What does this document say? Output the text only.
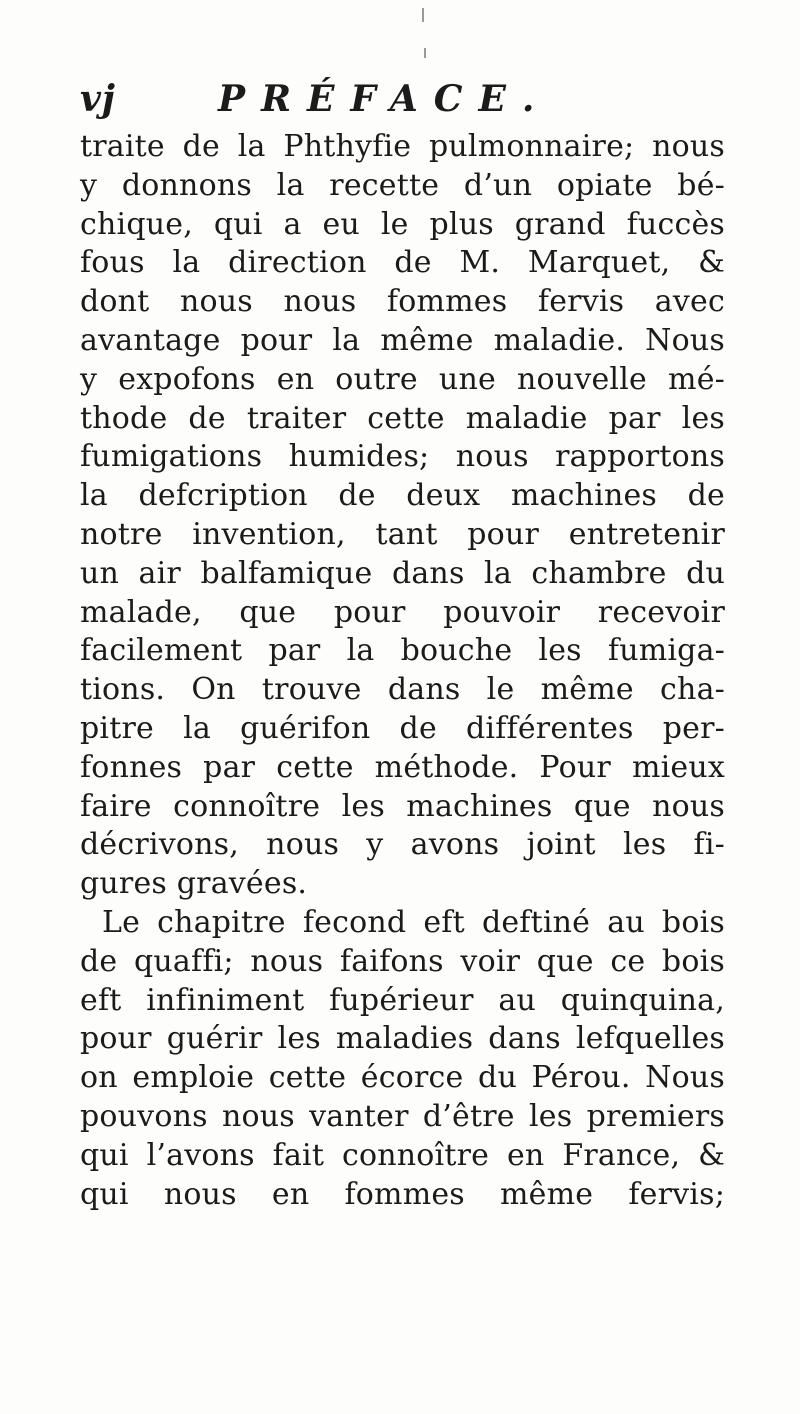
vj	PRÉFACE.
traite de la Phthyfie pulmonnaire; nous
y donnons la recette d’un opiate bé-
chique, qui a eu le plus grand fuccès
fous la direction de M. Marquet, &
dont nous nous fommes fervis avec
avantage pour la même maladie. Nous
y expofons en outre une nouvelle mé-
thode de traiter cette maladie par les
fumigations humides; nous rapportons
la defcription de deux machines de
notre invention, tant pour entretenir
un air balfamique dans la chambre du
malade, que pour pouvoir recevoir
facilement par la bouche les fumiga-
tions. On trouve dans le même cha-
pitre la guérifon de différentes per-
fonnes par cette méthode. Pour mieux
faire connoître les machines que nous
décrivons, nous y avons joint les fi-
gures gravées.
Le chapitre fecond eft deftiné au bois
de quaffi; nous faifons voir que ce bois
eft infiniment fupérieur au quinquina,
pour guérir les maladies dans lefquelles
on emploie cette écorce du Pérou. Nous
pouvons nous vanter d’être les premiers
qui l’avons fait connoître en France, &
qui nous en fommes même fervis;
